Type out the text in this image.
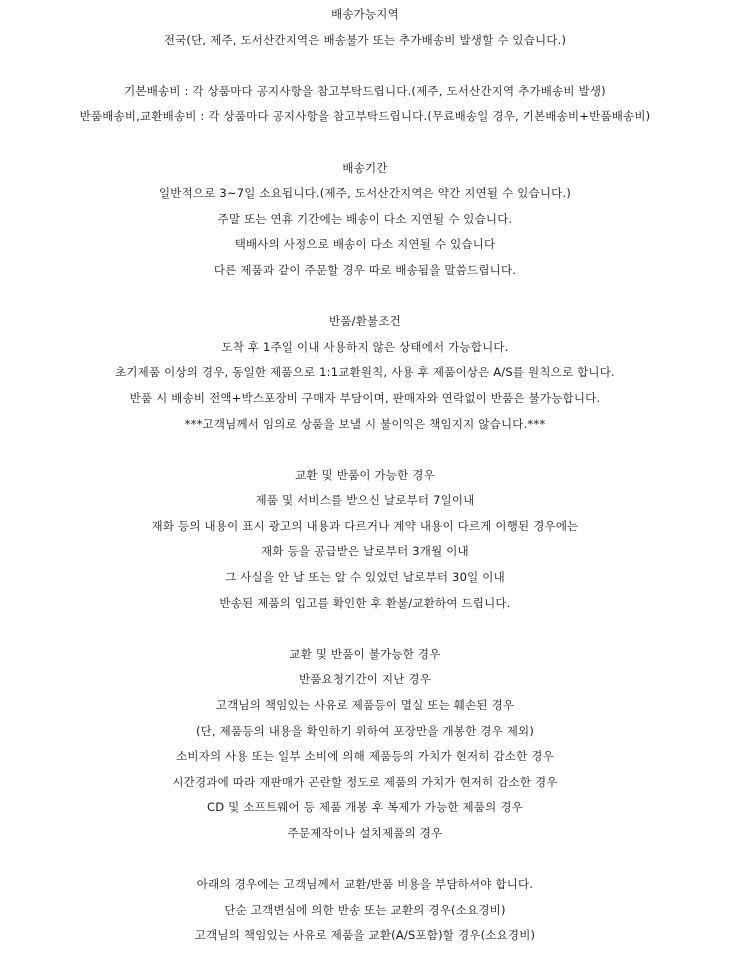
배송가능지역
전국(단, 제주, 도서산간지역은 배송불가 또는 추가배송비 발생할 수 있습니다.)
기본배송비 : 각 상품마다 공지사항을 참고부탁드립니다.(제주, 도서산간지역 추가배송비 발생)
반품배송비,교환배송비 : 각 상품마다 공지사항을 참고부탁드립니다.(무료배송일 경우, 기본배송비+반품배송비)
배송기간
일반적으로 3~7일 소요됩니다.(제주, 도서산간지역은 약간 지연될 수 있습니다.)
주말 또는 연휴 기간에는 배송이 다소 지연될 수 있습니다.
택배사의 사정으로 배송이 다소 지연될 수 있습니다
다른 제품과 같이 주문할 경우 따로 배송됨을 말씀드립니다.
반품/환불조건
도착 후 1주일 이내 사용하지 않은 상태에서 가능합니다.
초기제품 이상의 경우, 동일한 제품으로 1:1교환원칙, 사용 후 제품이상은 A/S를 원칙으로 합니다.
반품 시 배송비 전액+박스포장비 구매자 부담이며, 판매자와 연락없이 반품은 불가능합니다.
***고객님께서 임의로 상품을 보낼 시 불이익은 책임지지 않습니다.***
교환 및 반품이 가능한 경우
제품 및 서비스를 받으신 날로부터 7일이내
재화 등의 내용이 표시 광고의 내용과 다르거나 계약 내용이 다르게 이행된 경우에는
재화 등을 공급받은 날로부터 3개월 이내
그 사실을 안 날 또는 알 수 있었던 날로부터 30일 이내
반송된 제품의 입고를 확인한 후 환불/교환하여 드립니다.
교환 및 반품이 불가능한 경우
반품요청기간이 지난 경우
고객님의 책임있는 사유로 제품등이 멸실 또는 훼손된 경우
(단, 제품등의 내용을 확인하기 위하여 포장만을 개봉한 경우 제외)
소비자의 사용 또는 일부 소비에 의해 제품등의 가치가 현저히 감소한 경우
시간경과에 따라 재판매가 곤란할 정도로 제품의 가치가 현저히 감소한 경우
CD 및 소프트웨어 등 제품 개봉 후 복제가 가능한 제품의 경우
주문제작이나 설치제품의 경우
아래의 경우에는 고객님께서 교환/반품 비용을 부담하셔야 합니다.
단순 고객변심에 의한 반송 또는 교환의 경우(소요경비)
고객님의 책임있는 사유로 제품을 교환(A/S포함)할 경우(소요경비)
